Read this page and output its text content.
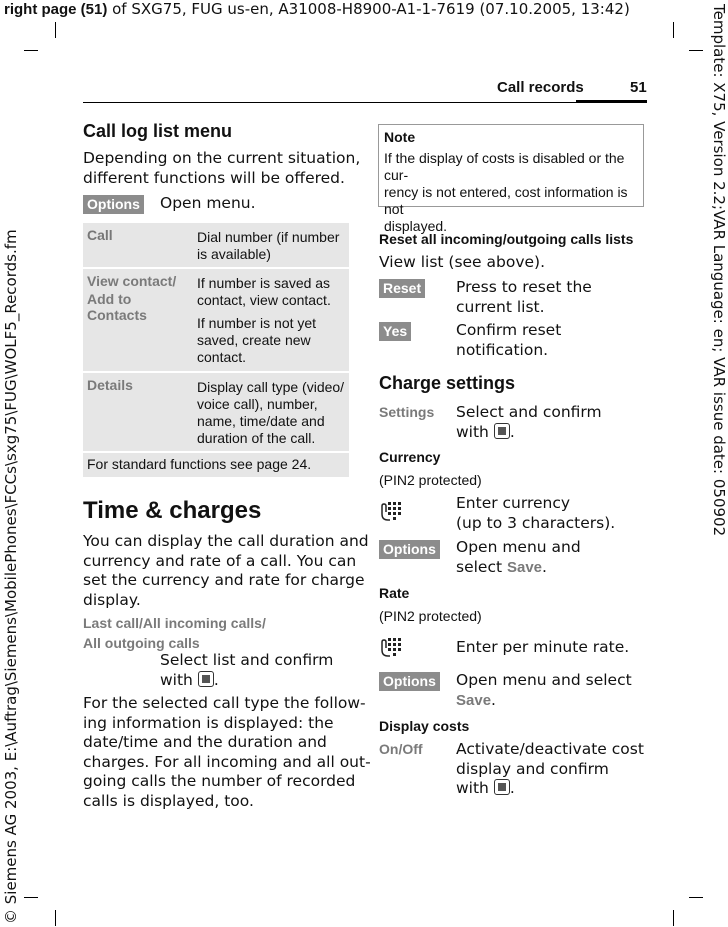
right page (51) of SXG75, FUG us-en, A31008-H8900-A1-1-7619 (07.10.2005, 13:42)	Template: X75, Version 2.2;VAR Language: en; VAR issue date: 050902
© Siemens AG 2003, E:\Auftrag\Siemens\MobilePhones\FCCs\sxg75\FUG\WOLF5_Records.fm
Call records	51
Call log list menu
Depending on the current situation,
different functions will be offered.
Options Open menu.
Call	Dial number (if number
is available)
View contact/
Add to Contacts
If number is saved as
contact, view contact.
If number is not yet
saved, create new
contact.
Details	Display call type (video/
voice call), number,
name, time/date and
duration of the call.
For standard functions see page 24.
Time & charges
You can display the call duration and
currency and rate of a call. You can
set the currency and rate for charge
display.
Last call/All incoming calls/
All outgoing calls
Select list and confirm
with .
For the selected call type the follow-
ing information is displayed: the
date/time and the duration and
charges. For all incoming and all out-
going calls the number of recorded
calls is displayed, too.
Note
If the display of costs is disabled or the cur-
rency is not entered, cost information is not
displayed.
Reset all incoming/outgoing calls lists
View list (see above).
Reset Press to reset the
current list.
Yes	Confirm reset
notification.
Charge settings
Settings Select and confirm
with .
Currency
(PIN2 protected)
Enter currency
(up to 3 characters).
Options Open menu and
select Save.
Rate
(PIN2 protected)
Enter per minute rate.
Options Open menu and select
Save.
Display costs
On/Off Activate/deactivate cost
display and confirm
with .
